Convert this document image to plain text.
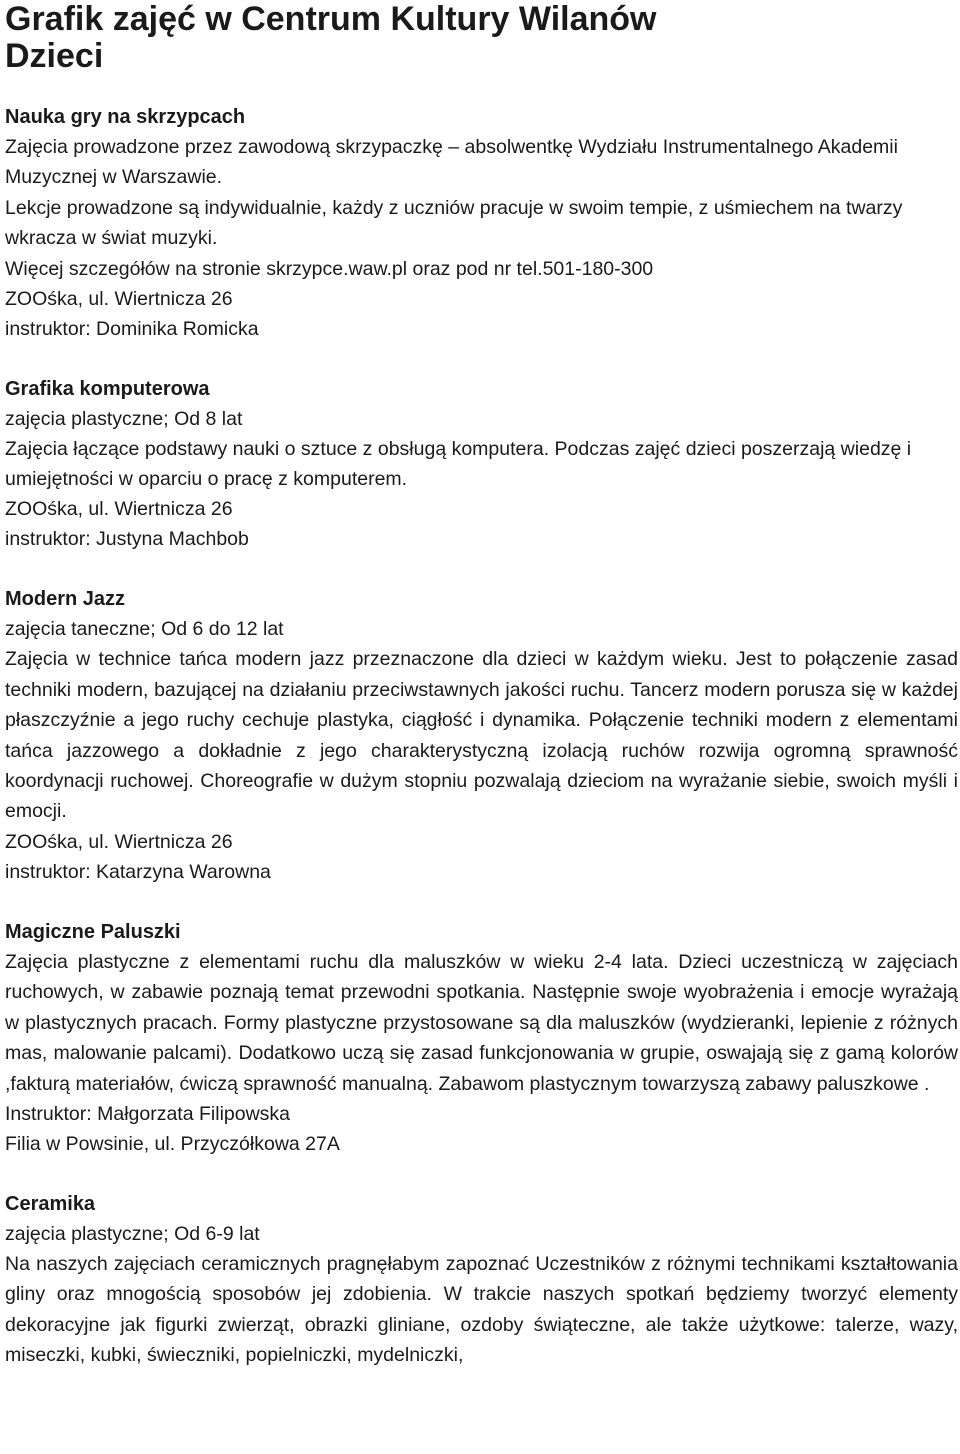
Grafik zajęć w Centrum Kultury Wilanów
Dzieci
Nauka gry na skrzypcach

Zajęcia prowadzone przez zawodową skrzypaczkę – absolwentkę Wydziału Instrumentalnego Akademii Muzycznej w Warszawie.

Lekcje prowadzone są indywidualnie, każdy z uczniów pracuje w swoim tempie, z uśmiechem na twarzy wkracza w świat muzyki.

Więcej szczegółów na stronie skrzypce.waw.pl oraz pod nr tel.501-180-300

ZOOśka, ul. Wiertnicza 26

instruktor: Dominika Romicka

Grafika komputerowa

zajęcia plastyczne; Od 8 lat

Zajęcia łączące podstawy nauki o sztuce z obsługą komputera. Podczas zajęć dzieci poszerzają wiedzę i umiejętności w oparciu o pracę z komputerem.

ZOOśka, ul. Wiertnicza 26

instruktor: Justyna Machbob

Modern Jazz

zajęcia taneczne; Od 6 do 12 lat

Zajęcia w technice tańca modern jazz przeznaczone dla dzieci w każdym wieku. Jest to połączenie zasad techniki modern, bazującej na działaniu przeciwstawnych jakości ruchu. Tancerz modern porusza się w każdej płaszczyźnie a jego ruchy cechuje plastyka, ciągłość i dynamika. Połączenie techniki modern z elementami tańca jazzowego a dokładnie z jego charakterystyczną izolacją ruchów rozwija ogromną sprawność koordynacji ruchowej. Choreografie w dużym stopniu pozwalają dzieciom na wyrażanie siebie, swoich myśli i emocji.

ZOOśka, ul. Wiertnicza 26

instruktor: Katarzyna Warowna

Magiczne Paluszki

Zajęcia plastyczne z elementami ruchu dla maluszków w wieku 2-4 lata. Dzieci uczestniczą w zajęciach ruchowych, w zabawie poznają temat przewodni spotkania. Następnie swoje wyobrażenia i emocje wyrażają w plastycznych pracach. Formy plastyczne przystosowane są dla maluszków (wydzieranki, lepienie z różnych mas, malowanie palcami). Dodatkowo uczą się zasad funkcjonowania w grupie, oswajają się z gamą kolorów ,fakturą materiałów, ćwiczą sprawność manualną. Zabawom plastycznym towarzyszą zabawy paluszkowe .

Instruktor: Małgorzata Filipowska

Filia w Powsinie, ul. Przyczółkowa 27A

Ceramika

zajęcia plastyczne; Od 6-9 lat

Na naszych zajęciach ceramicznych pragnęłabym zapoznać Uczestników z różnymi technikami kształtowania gliny oraz mnogością sposobów jej zdobienia. W trakcie naszych spotkań będziemy tworzyć elementy dekoracyjne jak figurki zwierząt, obrazki gliniane, ozdoby świąteczne, ale także użytkowe: talerze, wazy, miseczki, kubki, świeczniki, popielniczki, mydelniczki,
